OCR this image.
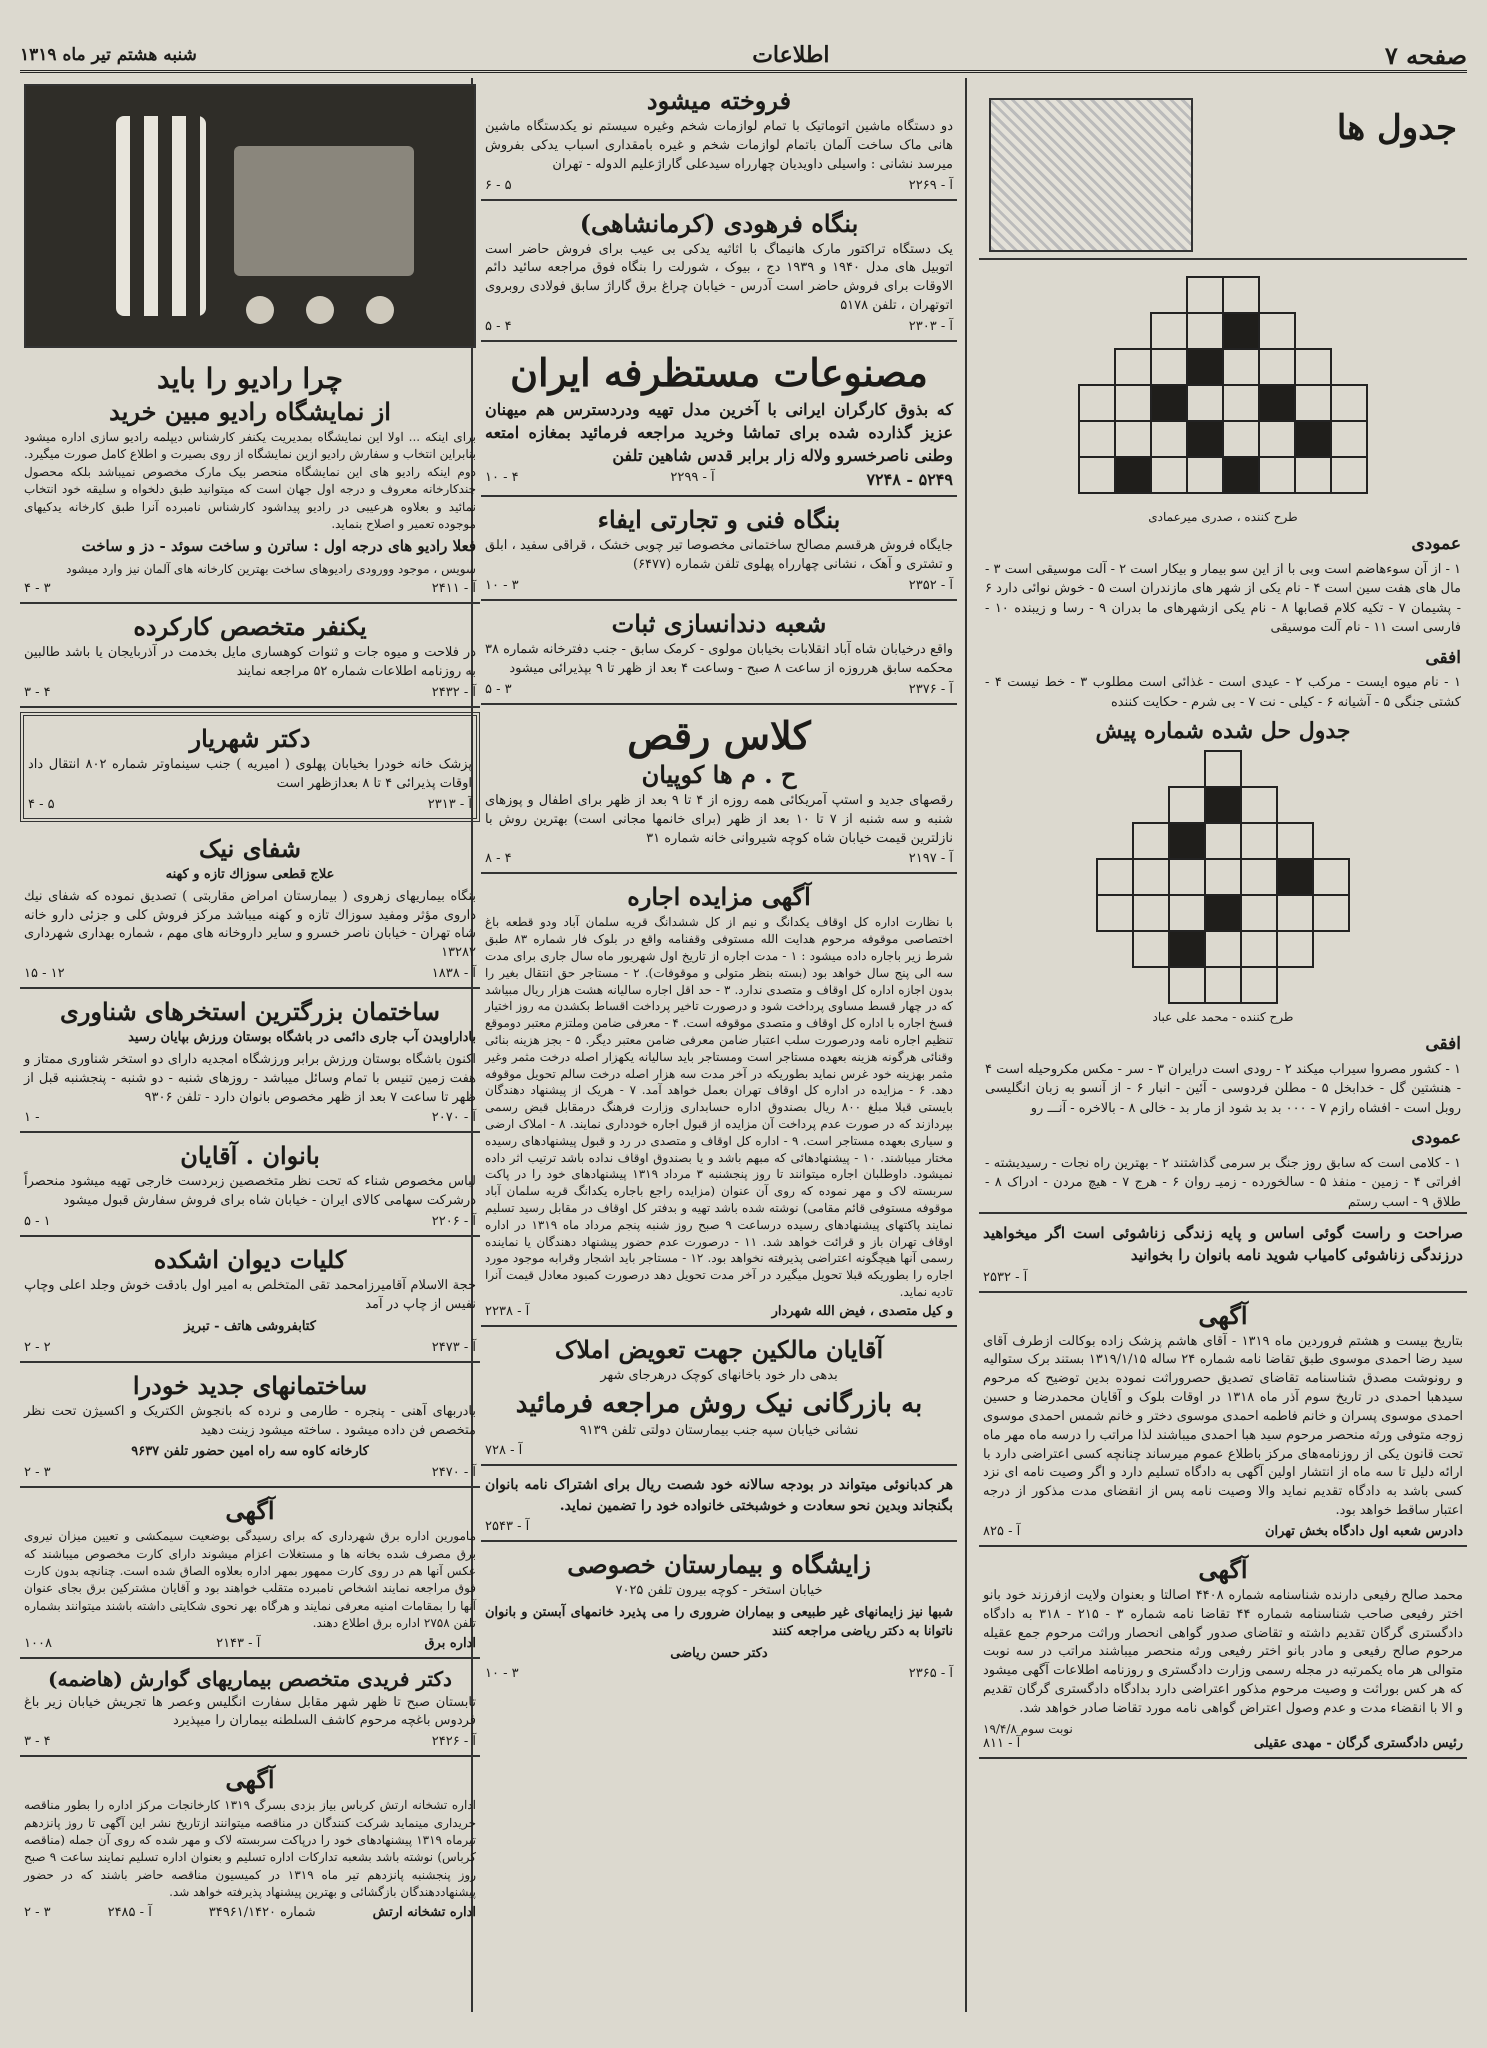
صفحه ۷
اطلاعات
شنبه هشتم تیر ماه ۱۳۱۹
جدول ها

طرح کننده ، صدری میرعمادی
عمودی
۱ - از آن سوءهاضم است وبی با از این سو بیمار و بیکار است ۲ - آلت موسیقی است ۳ - مال های هفت سین است ۴ - نام یکی از شهر های مازندران است ۵ - خوش نوائی دارد ۶ - پشیمان ۷ - تکیه کلام قصابها ۸ - نام یکی ازشهرهای ما بدران ۹ - رسا و زیبنده ۱۰ - فارسی است ۱۱ - نام آلت موسیقی
افقی
۱ - نام میوه ایست - مرکب ۲ - عیدی است - غذائی است مطلوب ۳ - خط نیست ۴ - کشتی جنگی ۵ - آشیانه ۶ - کیلی - نت ۷ - بی شرم - حکایت کننده
جدول حل شده شماره پیش

طرح کننده - محمد علی عباد
افقی
۱ - کشور مصروا سیراب میکند ۲ - رودی است درایران ۳ - سر - مکس مکروحیله است ۴ - هنشتین گل - خدابخل ۵ - مطلن فردوسی - آئین - انبار ۶ - از آنسو به زبان انگلیسی روبل است - افشاه رازم ۷ - ۰۰۰ بد بد شود از مار بد - خالی ۸ - بالاخره - آنـــ رو
عمودی
۱ - کلامی است که سابق روز جنگ بر سرمی گذاشتند ۲ - بهترین راه نجات - رسیدیشته - افراتی ۴ - زمین - منفذ ۵ - سالخورده - زمیـ روان ۶ - هرج ۷ - هیچ مردن - ادراک ۸ - طلاق ۹ - اسب رستم

صراحت و راست گوئی اساس و پایه زندگی زناشوئی است اگر میخواهید درزندگی زناشوئی کامیاب شوید نامه بانوان را بخوانید

آ - ۲۵۳۲
آگهی

بتاریخ بیست و هشتم فروردین ماه ۱۳۱۹ - آقای هاشم پزشک زاده بوکالت ازطرف آقای سید رضا احمدی موسوی طبق تقاضا نامه شماره ۲۴ ساله ۱۳۱۹/۱/۱۵ بستند برک ستوالیه و رونوشت مصدق شناسنامه تقاضای تصدیق حصروراثت نموده بدین توضیح که مرحوم سیدهبا احمدی در تاریخ سوم آذر ماه ۱۳۱۸ در اوقات بلوک و آقایان محمدرضا و حسین احمدی موسوی پسران و خانم فاطمه احمدی موسوی دختر و خانم شمس احمدی موسوی زوجه متوفی ورثه منحصر مرحوم سید هبا احمدی میباشند لذا مراتب را درسه ماه مهر ماه تحت قانون یکی از روزنامه‌های مرکز باطلاع عموم میرساند چنانچه کسی اعتراضی دارد با ارائه دلیل تا سه ماه از انتشار اولین آگهی به دادگاه تسلیم دارد و اگر وصیت نامه ای نزد کسی باشد به دادگاه تقدیم نماید والا وصیت نامه پس از انقضای مدت مذکور از درجه اعتبار ساقط خواهد بود.

آ - ۸۲۵	دادرس شعبه اول دادگاه بخش تهران
آگهی

محمد صالح رفیعی دارنده شناسنامه شماره ۴۴۰۸ اصالتا و بعنوان ولایت ازفرزند خود بانو اختر رفیعی صاحب شناسنامه شماره ۴۴ تقاضا نامه شماره ۳ - ۲۱۵ - ۳۱۸ به دادگاه دادگستری گرگان تقدیم داشته و تقاضای صدور گواهی انحصار وراثت مرحوم جمع عقیله مرحوم صالح رفیعی و مادر بانو اختر رفیعی ورثه منحصر میباشند مراتب در سه نوبت متوالی هر ماه یکمرتبه در مجله رسمی وزارت دادگستری و روزنامه اطلاعات آگهی میشود که هر کس بوراثت و وصیت مرحوم مذکور اعتراضی دارد بدادگاه دادگستری گرگان تقدیم و الا با انقضاء مدت و عدم وصول اعتراض گواهی نامه مورد تقاضا صادر خواهد شد.

نوبت سوم ۱۹/۴/۸
آ - ۸۱۱	رئیس دادگستری گرگان - مهدی عقیلی
فروخته میشود

دو دستگاه ماشین اتوماتیک با تمام لوازمات شخم وغیره سیستم نو یکدستگاه ماشین هانی ماک ساخت آلمان باتمام لوازمات شخم و غیره بامقداری اسباب یدکی بفروش میرسد نشانی : واسیلی داویدیان چهارراه سیدعلی گاراژعلیم الدوله - تهران

۶ - ۵	آ - ۲۲۶۹
بنگاه فرهودی (کرمانشاهی)

یک دستگاه تراکتور مارک هانیماگ با اثاثیه یدکی بی عیب برای فروش حاضر است اتوبیل های مدل ۱۹۴۰ و ۱۹۳۹ دج ، بیوک ، شورلت را بنگاه فوق مراجعه سائید دائم الاوقات برای فروش حاضر است آدرس - خیابان چراغ برق گاراژ سابق فولادی روبروی اتوتهران ، تلفن ۵۱۷۸

۵ - ۴	آ - ۲۳۰۳
مصنوعات مستظرفه ایران

که بذوق کارگران ایرانی با آخرین مدل تهیه ودردسترس هم میهنان عزیز گذارده شده برای تماشا وخرید مراجعه فرمائید بمغازه امتعه وطنی ناصرخسرو ولاله زار برابر قدس شاهین تلفن

۱۰ - ۴	آ - ۲۲۹۹	۷۲۴۸ - ۵۲۴۹
بنگاه فنی و تجارتی ایفاء

جایگاه فروش هرقسم مصالح ساختمانی مخصوصا تیر چوبی خشک ، قراقی سفید ، ابلق و تشتری و آهک ، نشانی چهارراه پهلوی تلفن شماره (۶۴۷۷)

۱۰ - ۳	آ - ۲۳۵۲
شعبه دندانسازی ثبات

واقع درخیابان شاه آباد انقلابات بخیابان مولوی - کرمک سابق - جنب دفترخانه شماره ۳۸ محکمه سابق هرروزه از ساعت ۸ صبح - وساعت ۴ بعد از ظهر تا ۹ بپذیرائی میشود

۵ - ۳	آ - ۲۳۷۶
کلاس رقص
ح . م ها کوپیان

رقصهای جدید و استپ آمریکائی همه روزه از ۴ تا ۹ بعد از ظهر برای اطفال و پوزهای شنبه و سه شنبه از ۷ تا ۱۰ بعد از ظهر (برای خانمها مجانی است) بهترین روش با نازلترین قیمت خیابان شاه کوچه شیروانی خانه شماره ۳۱

۸ - ۴	آ - ۲۱۹۷
آگهی مزایده اجاره

با نظارت اداره کل اوقاف یکدانگ و نیم از کل ششدانگ قریه سلمان آباد ودو قطعه باغ اختصاصی موقوفه مرحوم هدایت الله مستوفی وقفنامه واقع در بلوک فار شماره ۸۳ طبق شرط زیر باجاره داده میشود : ۱ - مدت اجاره از تاریخ اول شهریور ماه سال جاری برای مدت سه الی پنج سال خواهد بود (بسته بنظر متولی و موقوفات). ۲ - مستاجر حق انتقال بغیر را بدون اجازه اداره کل اوقاف و متصدی ندارد. ۳ - حد اقل اجاره سالیانه هشت هزار ریال مبیاشد که در چهار قسط مساوی پرداخت شود و درصورت تاخیر پرداخت اقساط بکشدن مه روز اختیار فسخ اجاره با اداره کل اوقاف و متصدی موقوفه است. ۴ - معرفی ضامن وملتزم معتبر دوموقع تنظیم اجاره نامه ودرصورت سلب اعتبار ضامن معرفی ضامن معتبر دیگر. ۵ - بجز هزینه بنائی وقنائی هرگونه هزینه بعهده مستاجر است ومستاجر باید سالیانه یکهزار اصله درخت مثمر وغیر مثمر بهزینه خود غرس نماید بطوریکه در آخر مدت سه هزار اصله درخت سالم تحویل موقوفه دهد. ۶ - مزایده در اداره کل اوقاف تهران بعمل خواهد آمد. ۷ - هریک از پیشنهاد دهندگان بایستی قبلا مبلغ ۸۰۰ ریال بصندوق اداره حسابداری وزارت فرهنگ درمقابل قبض رسمی بپردازند که در صورت عدم پرداخت آن مزایده از قبول اجاره خودداری نمایند. ۸ - املاک ارضی و سیاری بعهده مستاجر است. ۹ - اداره کل اوقاف و متصدی در رد و قبول پیشنهادهای رسیده مختار میباشند. ۱۰ - پیشنهادهائی که مبهم باشد و یا بصندوق اوقاف نداده باشد ترتیب اثر داده نمیشود. داوطلبان اجاره میتوانند تا روز پنجشنبه ۳ مرداد ۱۳۱۹ پیشنهادهای خود را در پاکت سربسته لاک و مهر نموده که روی آن عنوان (مزایده راجع باجاره یکدانگ قریه سلمان آباد موقوفه مستوفی قائم مقامی) نوشته شده باشد تهیه و بدفتر کل اوقاف در مقابل رسید تسلیم نمایند پاکتهای پیشنهادهای رسیده درساعت ۹ صبح روز شنبه پنجم مرداد ماه ۱۳۱۹ در اداره اوقاف تهران باز و قرائت خواهد شد. ۱۱ - درصورت عدم حضور پیشنهاد دهندگان یا نماینده رسمی آنها هیچگونه اعتراضی پذیرفته نخواهد بود. ۱۲ - مستاجر باید اشجار وقرابه موجود مورد اجاره را بطوریکه قبلا تحویل میگیرد در آخر مدت تحویل دهد درصورت کمبود معادل قیمت آنرا تادیه نماید.

آ - ۲۲۳۸	و کیل متصدی ، فیض الله شهردار
آقایان مالکین جهت تعویض املاک

بدهی دار خود باخانهای کوچک درهرجای شهر

به بازرگانی نیک روش مراجعه فرمائید

نشانی خیابان سپه جنب بیمارستان دولتی تلفن ۹۱۳۹

آ - ۷۲۸

هر کدبانوئی میتواند در بودجه سالانه خود شصت ریال برای اشتراک نامه بانوان بگنجاند وبدین نحو سعادت و خوشبختی خانواده خود را تضمین نماید.

آ - ۲۵۴۳
زایشگاه و بیمارستان خصوصی

خیابان استخر - کوچه بیرون تلفن ۷۰۲۵

شبها نیز زایمانهای غیر طبیعی و بیماران ضروری را می پذیرد خانمهای آبستن و بانوان ناتوانا به دکتر ریاضی مراجعه کنند

دکتر حسن ریاضی

۱۰ - ۳	آ - ۲۳۶۵
چرا رادیو را باید
از نمایشگاه رادیو مبین خرید

برای اینکه ... اولا این نمایشگاه بمدیریت یکنفر کارشناس دیپلمه رادیو سازی اداره میشود بنابراین انتخاب و سفارش رادیو ازین نمایشگاه از روی بصیرت و اطلاع کامل صورت میگیرد. دوم اینکه رادیو های این نمایشگاه منحصر بیک مارک مخصوص نمیباشد بلکه محصول چندکارخانه معروف و درجه اول جهان است که میتوانید طبق دلخواه و سلیقه خود انتخاب نمائید و بعلاوه هرعیبی در رادیو پیداشود کارشناس نامبرده آنرا طبق کارخانه یدکیهای موجوده تعمیر و اصلاح بنماید.

فعلا رادیو های درجه اول : ساترن و ساخت سوئد - دز و ساخت

سویس ، موجود وورودی رادیوهای ساخت بهترین کارخانه های آلمان نیز وارد میشود

۴ - ۳	آ - ۲۴۱۱
یکنفر متخصص کارکرده

در فلاحت و میوه جات و ثنوات کوهساری مایل بخدمت در آذربایجان یا باشد طالبین به روزنامه اطلاعات شماره ۵۲ مراجعه نمایند

۳ - ۴	آ - ۲۴۳۲
دکتر شهریار

پزشک خانه خودرا بخیابان پهلوی ( امیریه ) جنب سینماوتر شماره ۸۰۲ انتقال داد اوقات پذیرائی ۴ تا ۸ بعدازظهر است

۴ - ۵	آ - ۲۳۱۳
شفای نیک

علاج قطعی سوزاك تازه و کهنه

بنگاه بیماریهای زهروی ( بیمارستان امراض مقاربتی ) تصدیق نموده که شفای نیك داروی مؤثر ومفید سوزاك تازه و کهنه میباشد مرکز فروش کلی و جزئی دارو خانه شاه تهران - خیابان ناصر خسرو و سایر داروخانه های مهم ، شماره بهداری شهرداری ۱۳۲۸۲

۱۵ - ۱۲	آ - ۱۸۳۸
ساختمان بزرگترین استخرهای شناوری

باداراوبدن آب جاری دائمی در باشگاه بوستان ورزش بپایان رسید

اکنون باشگاه بوستان ورزش برابر ورزشگاه امجدیه دارای دو استخر شناوری ممتاز و هفت زمین تنیس با تمام وسائل میباشد - روزهای شنبه - دو شنبه - پنجشنبه قبل از ظهر تا ساعت ۷ بعد از ظهر مخصوص بانوان دارد - تلفن ۹۳۰۶

۱ -	آ - ۲۰۷۰
بانوان . آقایان

لباس مخصوص شناء که تحت نظر متخصصین زبردست خارجی تهیه میشود منحصراً درشرکت سهامی کالای ایران - خیابان شاه برای فروش سفارش قبول میشود

۵ - ۱	آ - ۲۲۰۶
کلیات دیوان اشکده

حجة الاسلام آقامیرزامحمد تقی المتخلص به امیر اول بادقت خوش وجلد اعلی وچاپ نفیس از چاپ در آمد

کتابفروشی هاتف - تبریز

۲ - ۲	آ - ۲۴۷۳
ساختمانهای جدید خودرا

بادربهای آهنی - پنجره - طارمی و نرده که بانجوش الکتریک و اکسیژن تحت نظر متخصص فن داده میشود . ساخته میشود زینت دهید

کارخانه کاوه سه راه امین حضور تلفن ۹۶۳۷

۲ - ۳	آ - ۲۴۷۰
آگهی

مامورین اداره برق شهرداری که برای رسیدگی بوضعیت سیمکشی و تعیین میزان نیروی برق مصرف شده بخانه ها و مستغلات اعزام میشوند دارای کارت مخصوص میباشند که عکس آنها هم در روی کارت ممهور بمهر اداره بعلاوه الصاق شده است. چنانچه بدون کارت فوق مراجعه نمایند اشخاص نامبرده متقلب خواهند بود و آقایان مشترکین برق بجای عنوان آنها را بمقامات امنیه معرفی نمایند و هرگاه بهر نحوی شکایتی داشته باشند میتوانند بشماره تلفن ۲۷۵۸ اداره برق اطلاع دهند.

۱۰۰۸	آ - ۲۱۴۳	اداره برق
دکتر فریدی متخصص بیماریهای گوارش (هاضمه)

تابستان صبح تا ظهر شهر مقابل سفارت انگلیس وعصر ها تجریش خیابان زیر باغ فردوس باغچه مرحوم کاشف السلطنه بیماران را میپذیرد

۳ - ۴	آ - ۲۴۲۶
آگهی

اداره تشخانه ارتش کرباس بیاز بزدی بسرگ ۱۳۱۹ کارخانجات مرکز اداره را بطور مناقصه خریداری مینماید شرکت کنندگان در مناقصه میتوانند ازتاریخ نشر این آگهی تا روز پانزدهم تیرماه ۱۳۱۹ پیشنهادهای خود را درپاکت سربسته لاک و مهر شده که روی آن جمله (مناقصه کرباس) نوشته باشد بشعبه تدارکات اداره تسلیم و بعنوان اداره تسلیم نمایند ساعت ۹ صبح روز پنجشنبه پانزدهم تیر ماه ۱۳۱۹ در کمیسیون مناقصه حاضر باشند که در حضور پیشنهاددهندگان بازگشائی و بهترین پیشنهاد پذیرفته خواهد شد.

۲ - ۳	آ - ۲۴۸۵	شماره ۳۴۹۶۱/۱۴۲۰	اداره تشخانه ارتش
